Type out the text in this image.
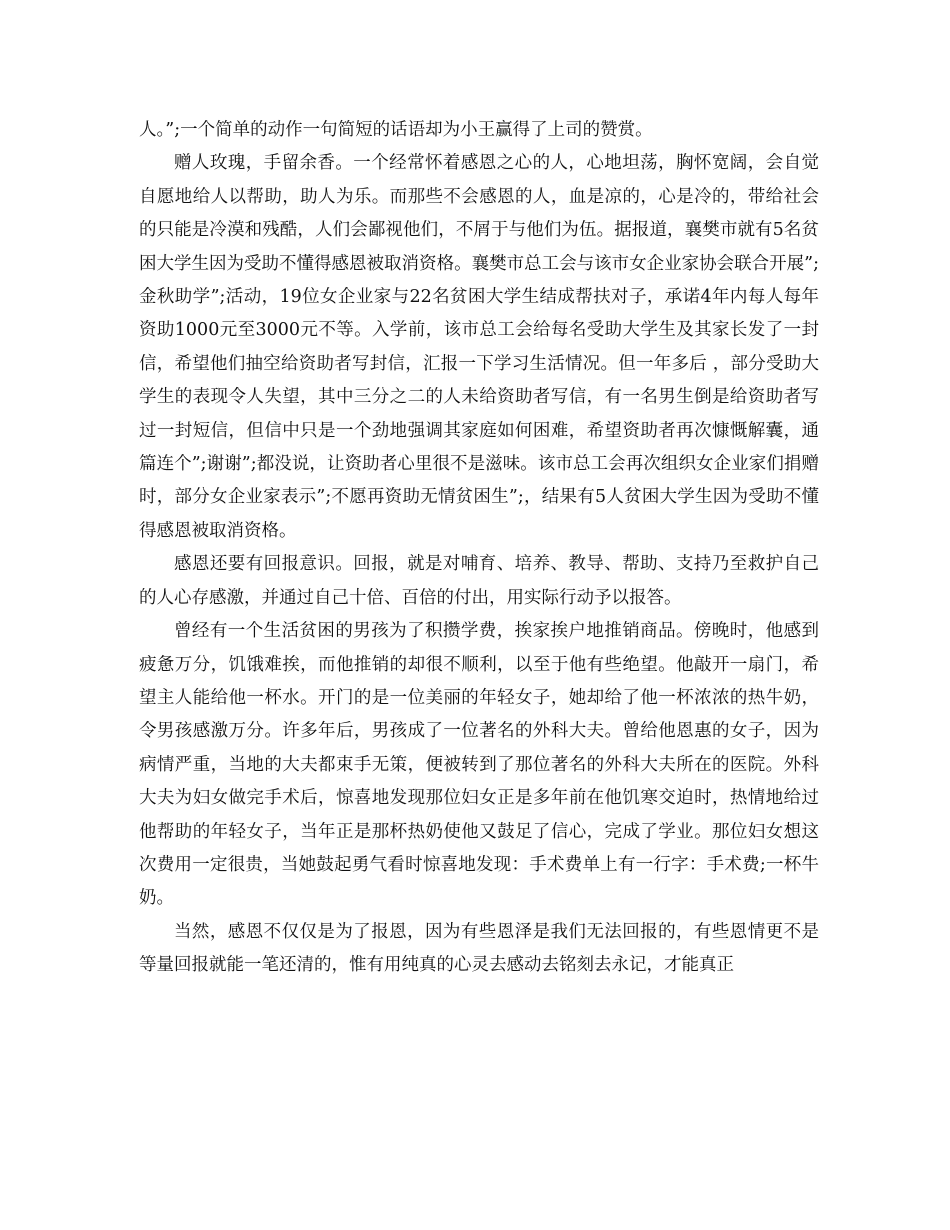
人。”;一个简单的动作一句简短的话语却为小王赢得了上司的赞赏。

赠人玫瑰，手留余香。一个经常怀着感恩之心的人，心地坦荡，胸怀宽阔，会自觉自愿地给人以帮助，助人为乐。而那些不会感恩的人，血是凉的，心是冷的，带给社会的只能是冷漠和残酷，人们会鄙视他们，不屑于与他们为伍。据报道，襄樊市就有5名贫困大学生因为受助不懂得感恩被取消资格。襄樊市总工会与该市女企业家协会联合开展”;金秋助学”;活动，19位女企业家与22名贫困大学生结成帮扶对子，承诺4年内每人每年资助1000元至3000元不等。入学前，该市总工会给每名受助大学生及其家长发了一封信，希望他们抽空给资助者写封信，汇报一下学习生活情况。但一年多后 ，部分受助大学生的表现令人失望，其中三分之二的人未给资助者写信，有一名男生倒是给资助者写过一封短信，但信中只是一个劲地强调其家庭如何困难，希望资助者再次慷慨解囊，通篇连个”;谢谢”;都没说，让资助者心里很不是滋味。该市总工会再次组织女企业家们捐赠时，部分女企业家表示”;不愿再资助无情贫困生”;，结果有5人贫困大学生因为受助不懂得感恩被取消资格。

感恩还要有回报意识。回报，就是对哺育、培养、教导、帮助、支持乃至救护自己的人心存感激，并通过自己十倍、百倍的付出，用实际行动予以报答。

曾经有一个生活贫困的男孩为了积攒学费，挨家挨户地推销商品。傍晚时，他感到疲惫万分，饥饿难挨，而他推销的却很不顺利，以至于他有些绝望。他敲开一扇门，希望主人能给他一杯水。开门的是一位美丽的年轻女子，她却给了他一杯浓浓的热牛奶，令男孩感激万分。许多年后，男孩成了一位著名的外科大夫。曾给他恩惠的女子，因为病情严重，当地的大夫都束手无策，便被转到了那位著名的外科大夫所在的医院。外科大夫为妇女做完手术后，惊喜地发现那位妇女正是多年前在他饥寒交迫时，热情地给过他帮助的年轻女子，当年正是那杯热奶使他又鼓足了信心，完成了学业。那位妇女想这次费用一定很贵，当她鼓起勇气看时惊喜地发现：手术费单上有一行字：手术费;一杯牛奶。

当然，感恩不仅仅是为了报恩，因为有些恩泽是我们无法回报的，有些恩情更不是等量回报就能一笔还清的，惟有用纯真的心灵去感动去铭刻去永记，才能真正
